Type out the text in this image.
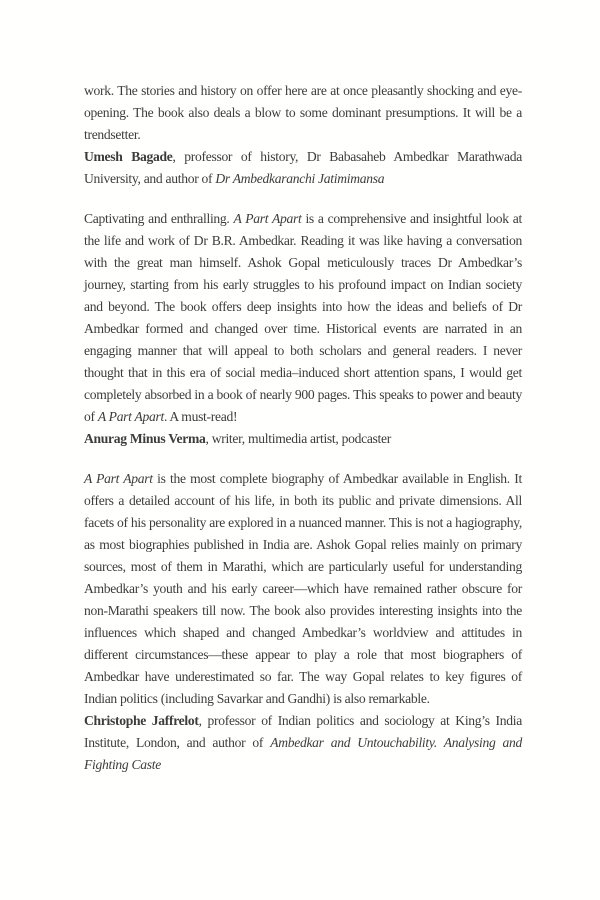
work. The stories and history on offer here are at once pleasantly shocking and eye-opening. The book also deals a blow to some dominant presumptions. It will be a trendsetter.

Umesh Bagade, professor of history, Dr Babasaheb Ambedkar Marathwada University, and author of Dr Ambedkaranchi Jatimimansa

Captivating and enthralling. A Part Apart is a comprehensive and insightful look at the life and work of Dr B.R. Ambedkar. Reading it was like having a conversation with the great man himself. Ashok Gopal meticulously traces Dr Ambedkar’s journey, starting from his early struggles to his profound impact on Indian society and beyond. The book offers deep insights into how the ideas and beliefs of Dr Ambedkar formed and changed over time. Historical events are narrated in an engaging manner that will appeal to both scholars and general readers. I never thought that in this era of social media–induced short attention spans, I would get completely absorbed in a book of nearly 900 pages. This speaks to power and beauty of A Part Apart. A must-read!

Anurag Minus Verma, writer, multimedia artist, podcaster

A Part Apart is the most complete biography of Ambedkar available in English. It offers a detailed account of his life, in both its public and private dimensions. All facets of his personality are explored in a nuanced manner. This is not a hagiography, as most biographies published in India are. Ashok Gopal relies mainly on primary sources, most of them in Marathi, which are particularly useful for understanding Ambedkar’s youth and his early career—which have remained rather obscure for non-Marathi speakers till now. The book also provides interesting insights into the influences which shaped and changed Ambedkar’s worldview and attitudes in different circumstances—these appear to play a role that most biographers of Ambedkar have underestimated so far. The way Gopal relates to key figures of Indian politics (including Savarkar and Gandhi) is also remarkable.

Christophe Jaffrelot, professor of Indian politics and sociology at King’s India Institute, London, and author of Ambedkar and Untouchability. Analysing and Fighting Caste
